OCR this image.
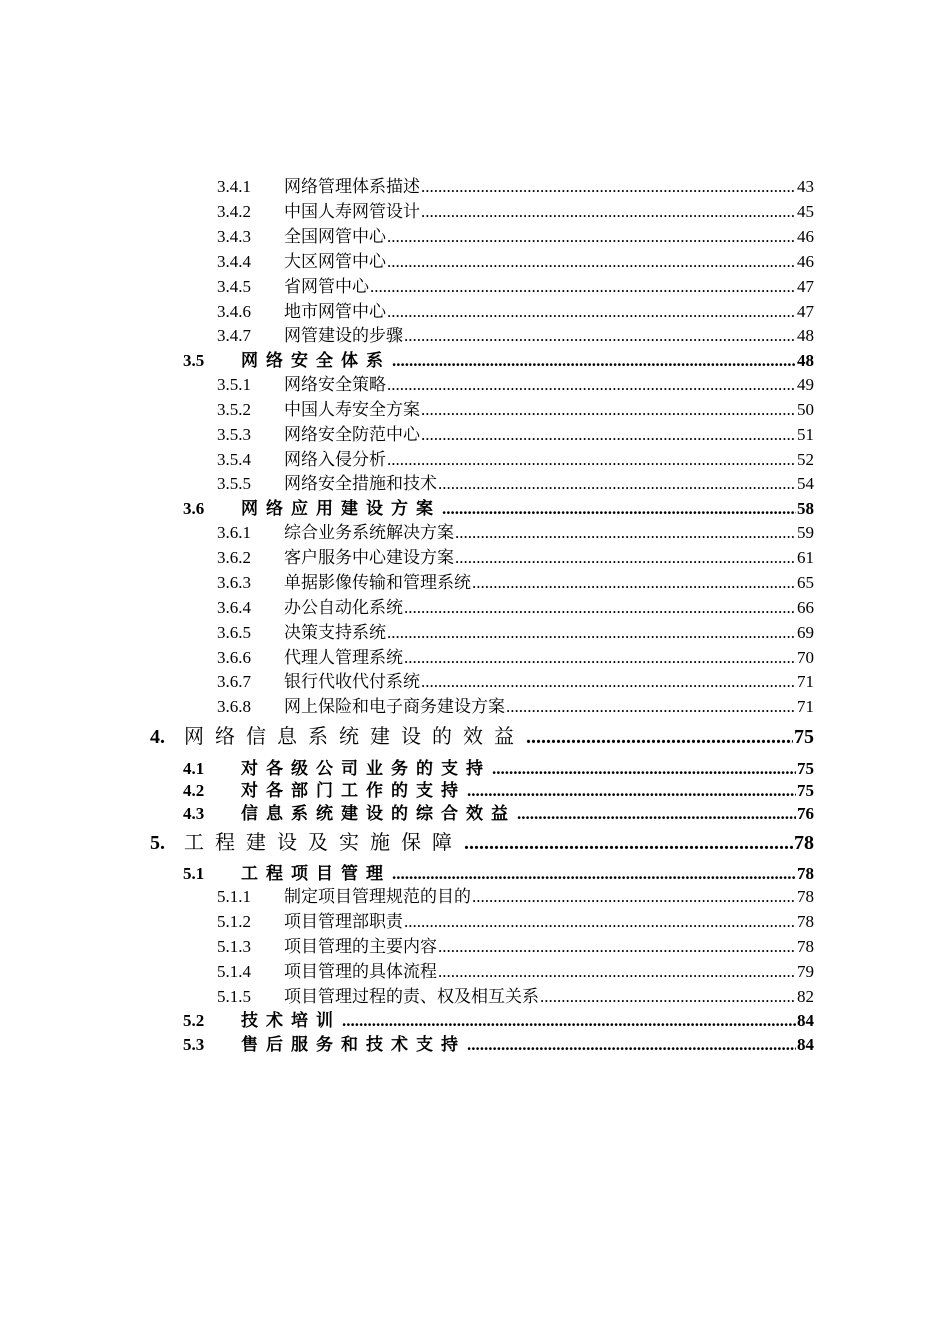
3.4.1	网络管理体系描述 .....	43
3.4.2	中国人寿网管设计 .....	45
3.4.3	全国网管中心 .....	46
3.4.4	大区网管中心 .....	46
3.4.5	省网管中心 .....	47
3.4.6	地市网管中心 .....	47
3.4.7	网管建设的步骤 .....	48
3.5	网络安全体系 .....	48
3.5.1	网络安全策略 .....	49
3.5.2	中国人寿安全方案 .....	50
3.5.3	网络安全防范中心 .....	51
3.5.4	网络入侵分析 .....	52
3.5.5	网络安全措施和技术 .....	54
3.6	网络应用建设方案 .....	58
3.6.1	综合业务系统解决方案 .....	59
3.6.2	客户服务中心建设方案 .....	61
3.6.3	单据影像传输和管理系统 .....	65
3.6.4	办公自动化系统 .....	66
3.6.5	决策支持系统 .....	69
3.6.6	代理人管理系统 .....	70
3.6.7	银行代收代付系统 .....	71
3.6.8	网上保险和电子商务建设方案 .....	71
4. 网络信息系统建设的效益 .....	75
4.1	对各级公司业务的支持 .....	75
4.2	对各部门工作的支持 .....	75
4.3	信息系统建设的综合效益 .....	76
5. 工程建设及实施保障 .....	78
5.1	工程项目管理 .....	78
5.1.1	制定项目管理规范的目的 .....	78
5.1.2	项目管理部职责 .....	78
5.1.3	项目管理的主要内容 .....	78
5.1.4	项目管理的具体流程 .....	79
5.1.5	项目管理过程的责、权及相互关系 .....	82
5.2	技术培训 .....	84
5.3	售后服务和技术支持 .....	84
